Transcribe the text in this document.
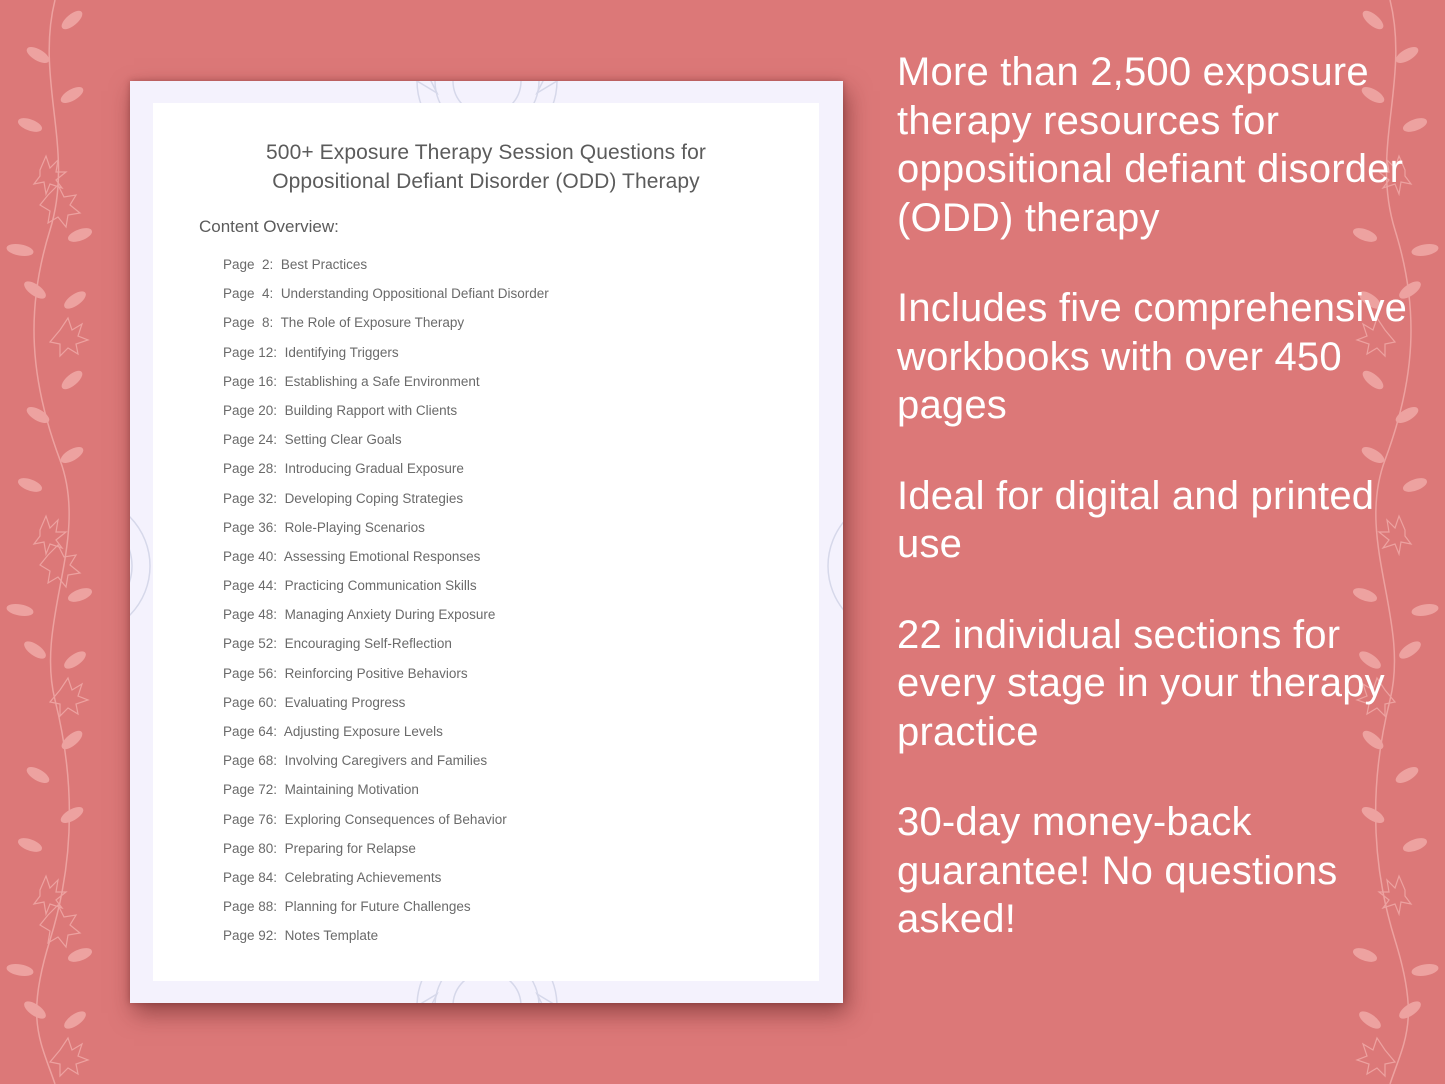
500+ Exposure Therapy Session Questions for
Oppositional Defiant Disorder (ODD) Therapy
Content Overview:
Page  2: Best Practices
Page  4: Understanding Oppositional Defiant Disorder
Page  8: The Role of Exposure Therapy
Page 12: Identifying Triggers
Page 16: Establishing a Safe Environment
Page 20: Building Rapport with Clients
Page 24: Setting Clear Goals
Page 28: Introducing Gradual Exposure
Page 32: Developing Coping Strategies
Page 36: Role-Playing Scenarios
Page 40: Assessing Emotional Responses
Page 44: Practicing Communication Skills
Page 48: Managing Anxiety During Exposure
Page 52: Encouraging Self-Reflection
Page 56: Reinforcing Positive Behaviors
Page 60: Evaluating Progress
Page 64: Adjusting Exposure Levels
Page 68: Involving Caregivers and Families
Page 72: Maintaining Motivation
Page 76: Exploring Consequences of Behavior
Page 80: Preparing for Relapse
Page 84: Celebrating Achievements
Page 88: Planning for Future Challenges
Page 92: Notes Template

More than 2,500 exposure therapy resources for oppositional defiant disorder (ODD) therapy

Includes five comprehensive workbooks with over 450 pages

Ideal for digital and printed use

22 individual sections for every stage in your therapy practice

30-day money-back guarantee! No questions asked!
